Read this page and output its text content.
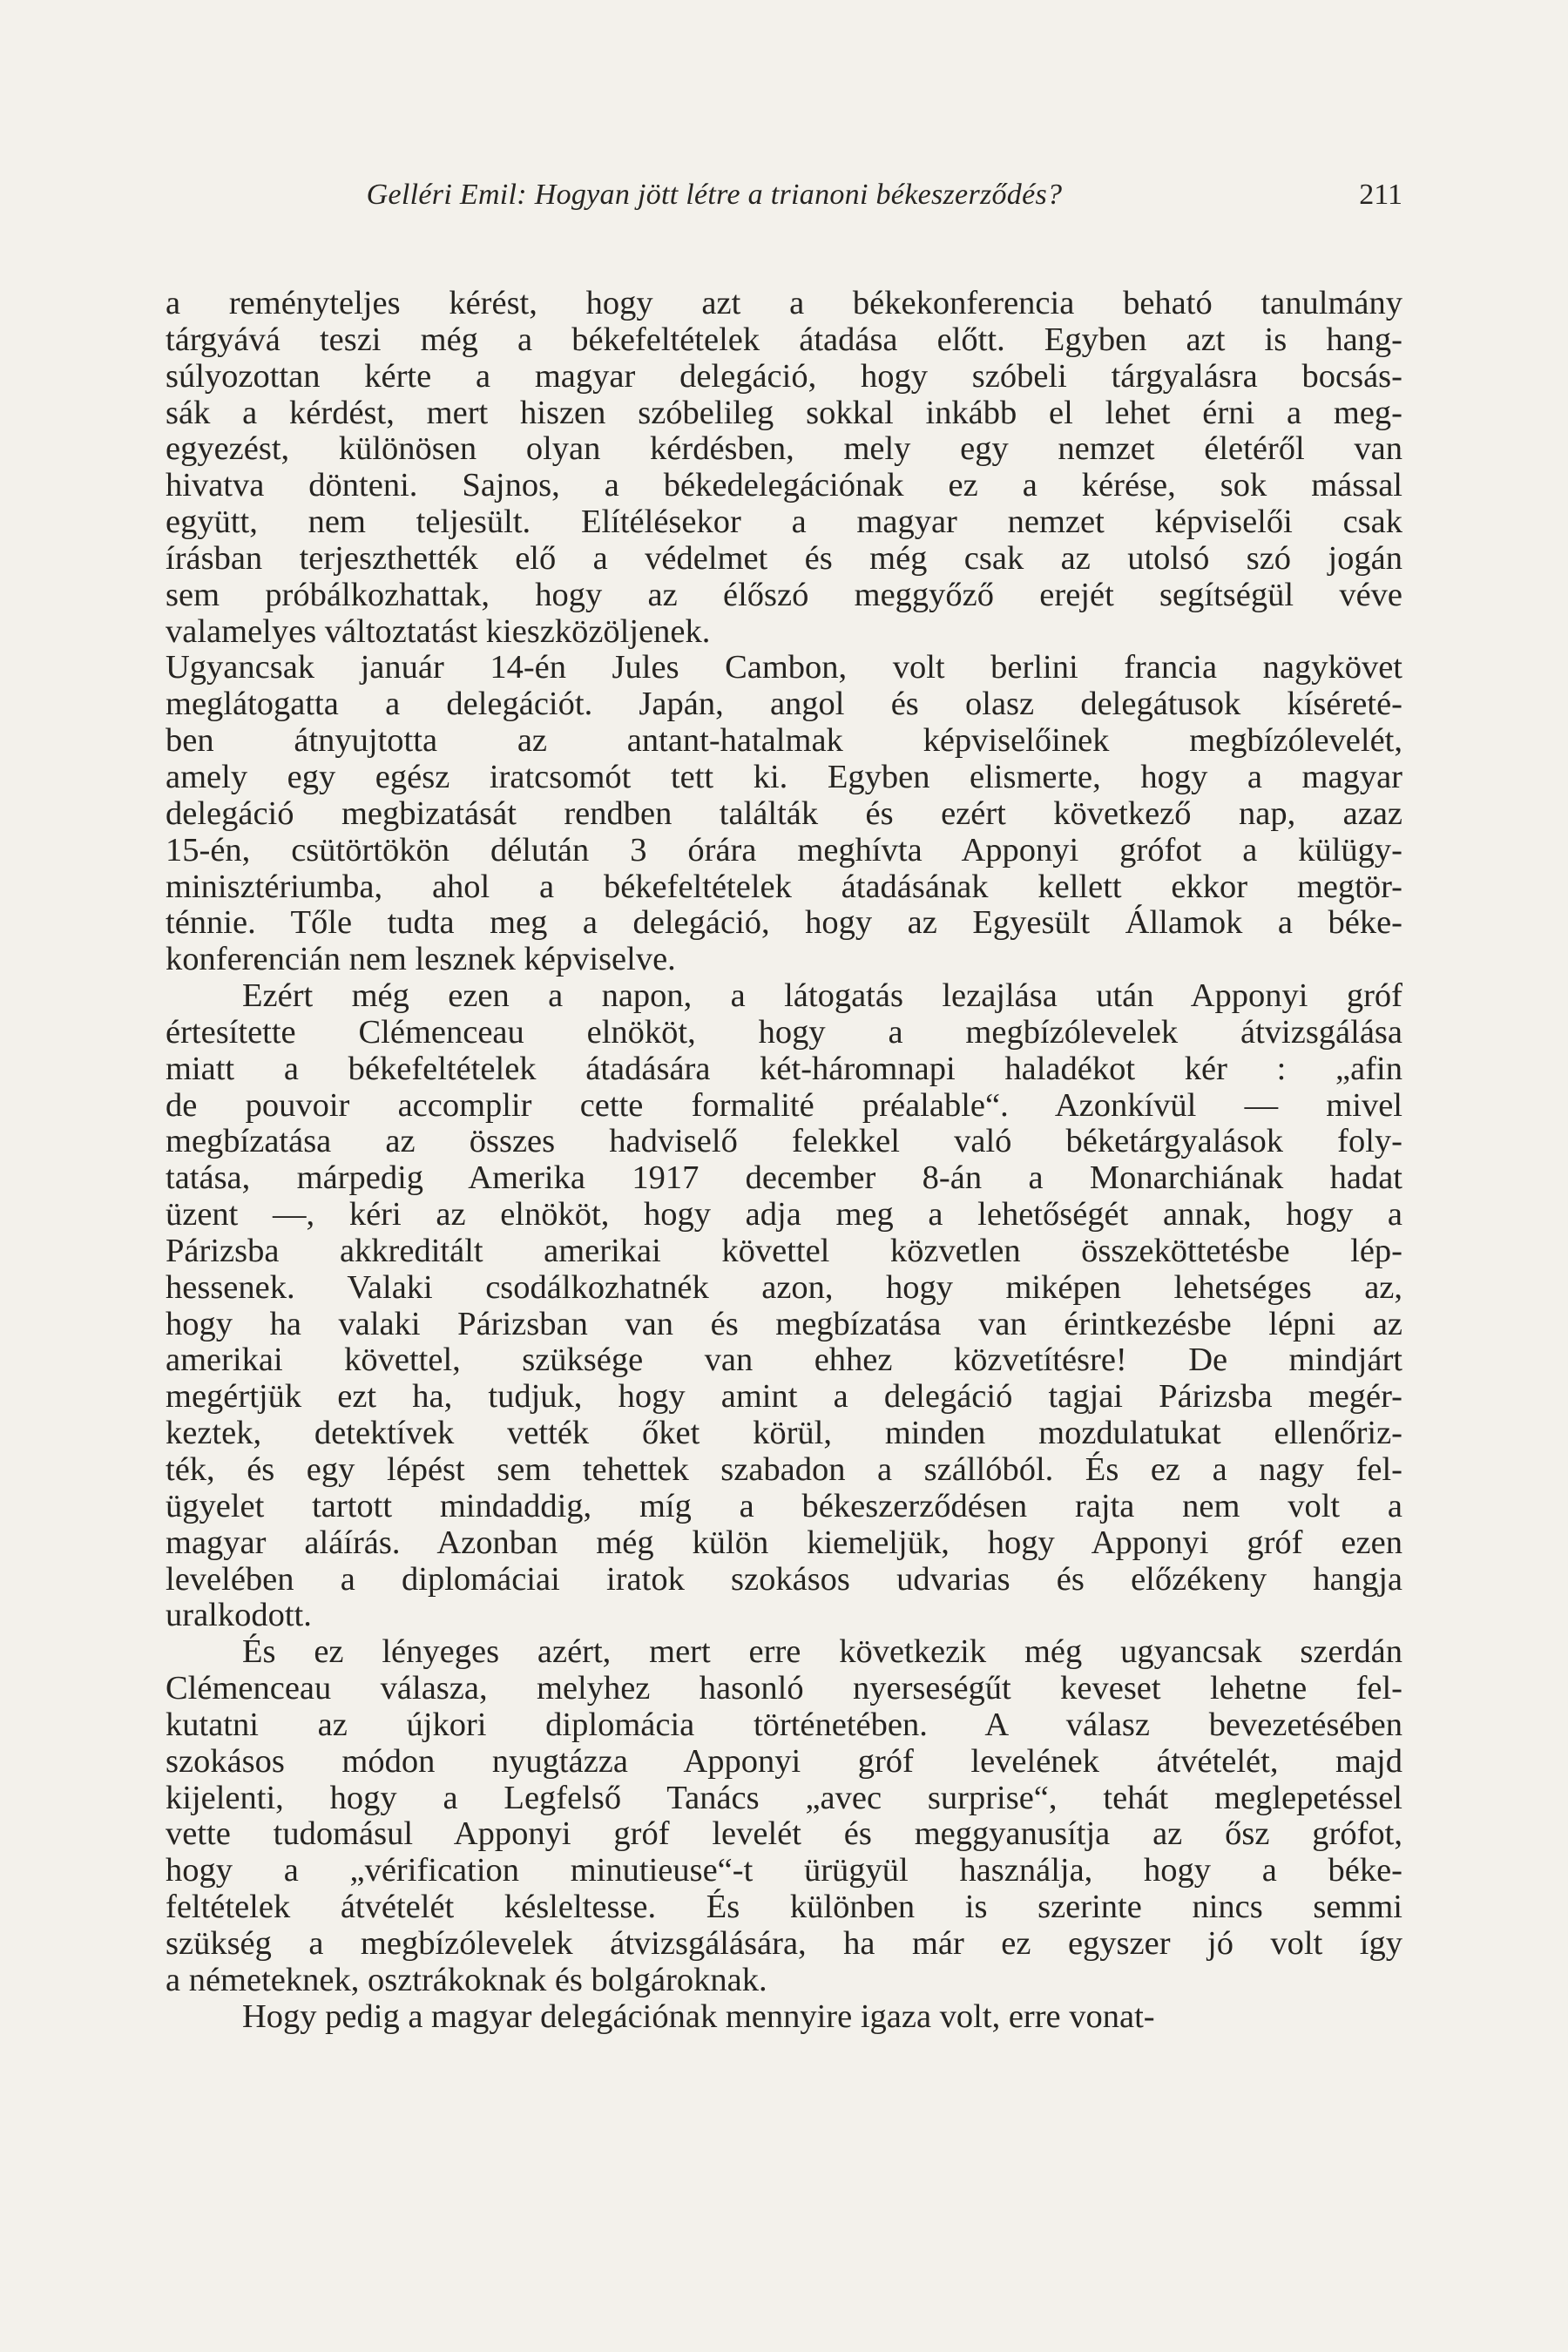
Gelléri Emil: Hogyan jött létre a trianoni békeszerződés?	211
a reményteljes kérést, hogy azt a békekonferencia beható tanulmány
tárgyává teszi még a békefeltételek átadása előtt. Egyben azt is hang-
súlyozottan kérte a magyar delegáció, hogy szóbeli tárgyalásra bocsás-
sák a kérdést, mert hiszen szóbelileg sokkal inkább el lehet érni a meg-
egyezést, különösen olyan kérdésben, mely egy nemzet életéről van
hivatva dönteni. Sajnos, a békedelegációnak ez a kérése, sok mással
együtt, nem teljesült. Elítélésekor a magyar nemzet képviselői csak
írásban terjeszthették elő a védelmet és még csak az utolsó szó jogán
sem próbálkozhattak, hogy az élőszó meggyőző erejét segítségül véve
valamelyes változtatást kieszközöljenek.
Ugyancsak január 14-én Jules Cambon, volt berlini francia nagykövet
meglátogatta a delegációt. Japán, angol és olasz delegátusok kíséreté-
ben átnyujtotta az antant-hatalmak képviselőinek megbízólevelét,
amely egy egész iratcsomót tett ki. Egyben elismerte, hogy a magyar
delegáció megbizatását rendben találták és ezért következő nap, azaz
15-én, csütörtökön délután 3 órára meghívta Apponyi grófot a külügy-
minisztériumba, ahol a békefeltételek átadásának kellett ekkor megtör-
ténnie. Tőle tudta meg a delegáció, hogy az Egyesült Államok a béke-
konferencián nem lesznek képviselve.
Ezért még ezen a napon, a látogatás lezajlása után Apponyi gróf
értesítette Clémenceau elnököt, hogy a megbízólevelek átvizsgálása
miatt a békefeltételek átadására két-háromnapi haladékot kér : „afin
de pouvoir accomplir cette formalité préalable“. Azonkívül — mivel
megbízatása az összes hadviselő felekkel való béketárgyalások foly-
tatása, márpedig Amerika 1917 december 8-án a Monarchiának hadat
üzent —, kéri az elnököt, hogy adja meg a lehetőségét annak, hogy a
Párizsba akkreditált amerikai követtel közvetlen összeköttetésbe lép-
hessenek. Valaki csodálkozhatnék azon, hogy miképen lehetséges az,
hogy ha valaki Párizsban van és megbízatása van érintkezésbe lépni az
amerikai követtel, szüksége van ehhez közvetítésre! De mindjárt
megértjük ezt ha, tudjuk, hogy amint a delegáció tagjai Párizsba megér-
keztek, detektívek vették őket körül, minden mozdulatukat ellenőriz-
ték, és egy lépést sem tehettek szabadon a szállóból. És ez a nagy fel-
ügyelet tartott mindaddig, míg a békeszerződésen rajta nem volt a
magyar aláírás. Azonban még külön kiemeljük, hogy Apponyi gróf ezen
levelében a diplomáciai iratok szokásos udvarias és előzékeny hangja
uralkodott.
És ez lényeges azért, mert erre következik még ugyancsak szerdán
Clémenceau válasza, melyhez hasonló nyerseségűt keveset lehetne fel-
kutatni az újkori diplomácia történetében. A válasz bevezetésében
szokásos módon nyugtázza Apponyi gróf levelének átvételét, majd
kijelenti, hogy a Legfelső Tanács „avec surprise“, tehát meglepetéssel
vette tudomásul Apponyi gróf levelét és meggyanusítja az ősz grófot,
hogy a „vérification minutieuse“-t ürügyül használja, hogy a béke-
feltételek átvételét késleltesse. És különben is szerinte nincs semmi
szükség a megbízólevelek átvizsgálására, ha már ez egyszer jó volt így
a németeknek, osztrákoknak és bolgároknak.
Hogy pedig a magyar delegációnak mennyire igaza volt, erre vonat-
